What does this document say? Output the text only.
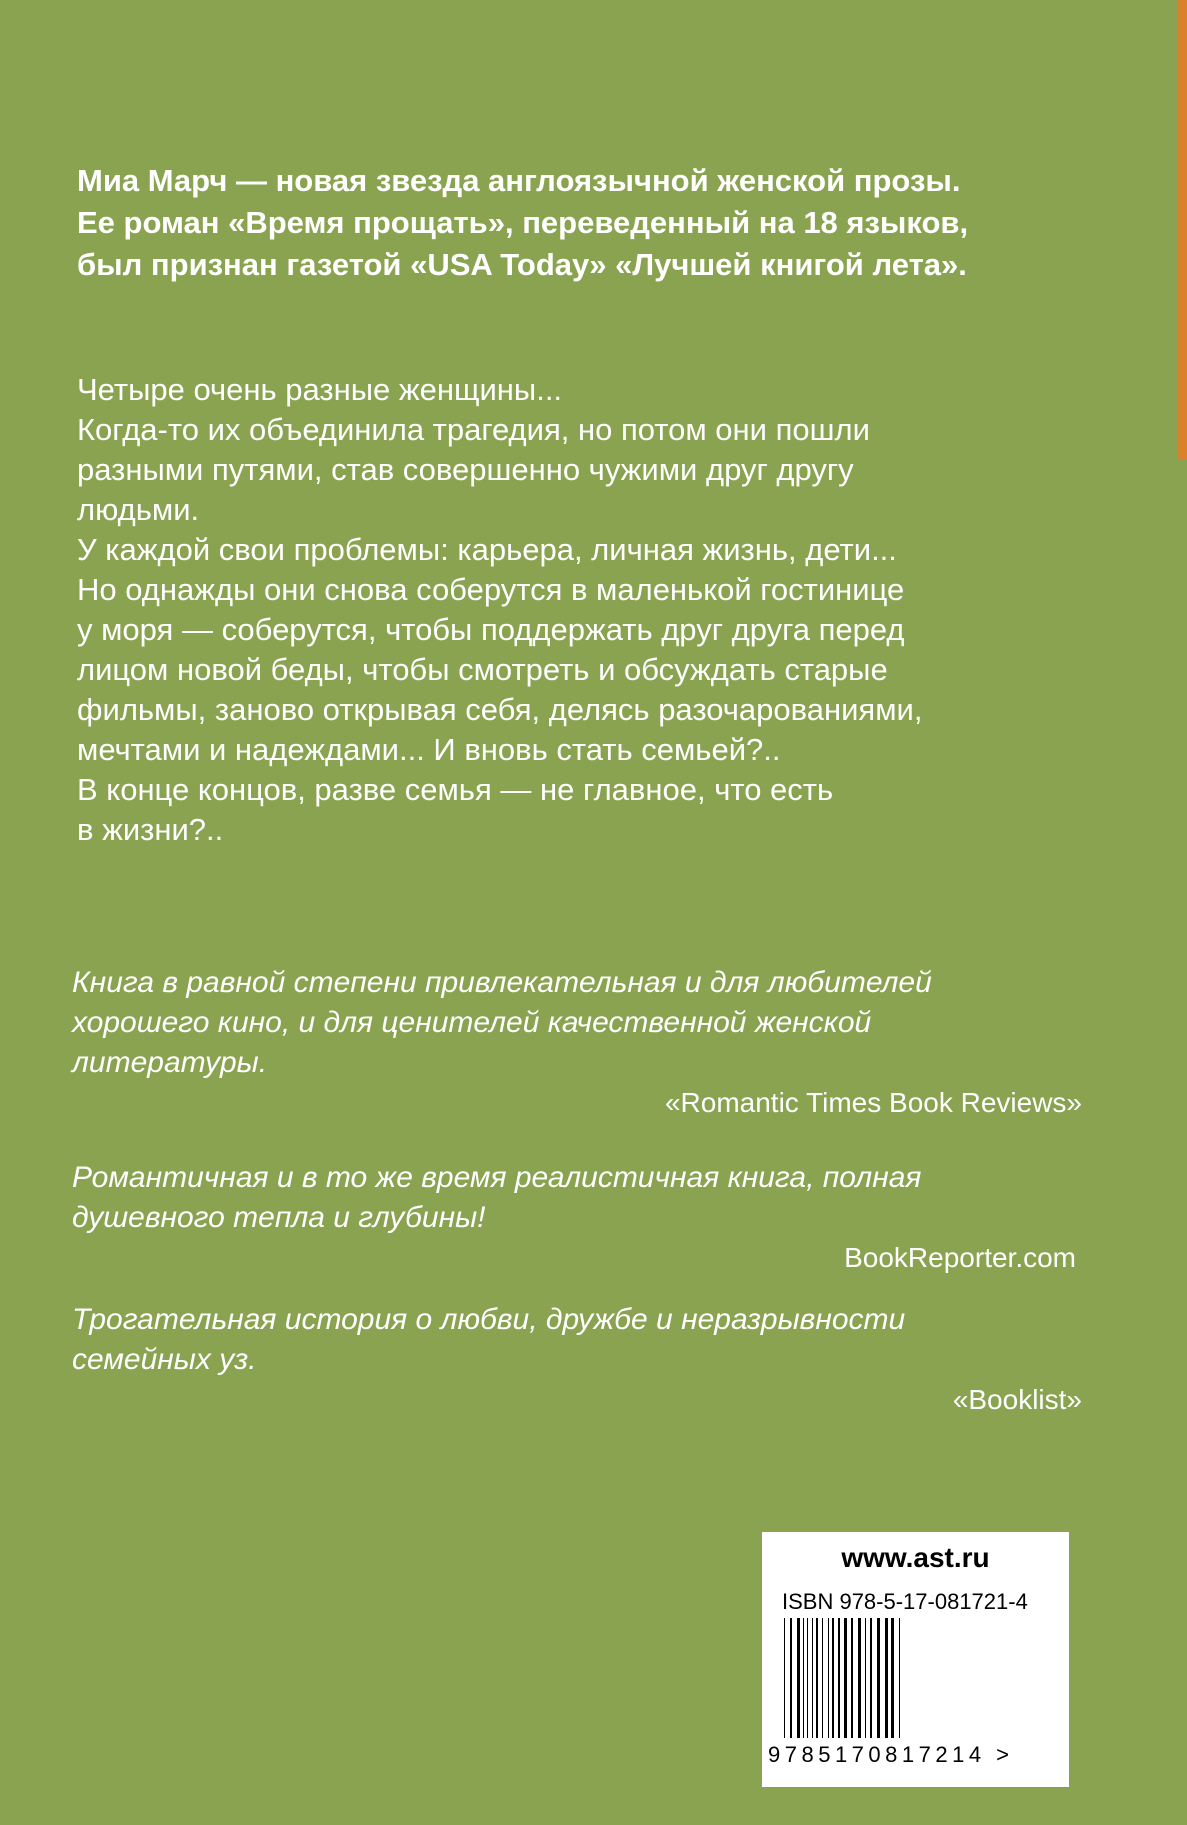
Миа Марч — новая звезда англоязычной женской прозы.

Ее роман «Время прощать», переведенный на 18 языков,

был признан газетой «USA Today» «Лучшей книгой лета».

Четыре очень разные женщины...

Когда-то их объединила трагедия, но потом они пошли

разными путями, став совершенно чужими друг другу

людьми.

У каждой свои проблемы: карьера, личная жизнь, дети...

Но однажды они снова соберутся в маленькой гостинице

у моря — соберутся, чтобы поддержать друг друга перед

лицом новой беды, чтобы смотреть и обсуждать старые

фильмы, заново открывая себя, делясь разочарованиями,

мечтами и надеждами... И вновь стать семьей?..

В конце концов, разве семья — не главное, что есть

в жизни?..

Книга в равной степени привлекательная и для любителей

хорошего кино, и для ценителей качественной женской

литературы.

«Romantic Times Book Reviews»

Романтичная и в то же время реалистичная книга, полная

душевного тепла и глубины!

BookReporter.com

Трогательная история о любви, дружбе и неразрывности

семейных уз.

«Booklist»

www.ast.ru
ISBN 978-5-17-081721-4
9785170817214 >
